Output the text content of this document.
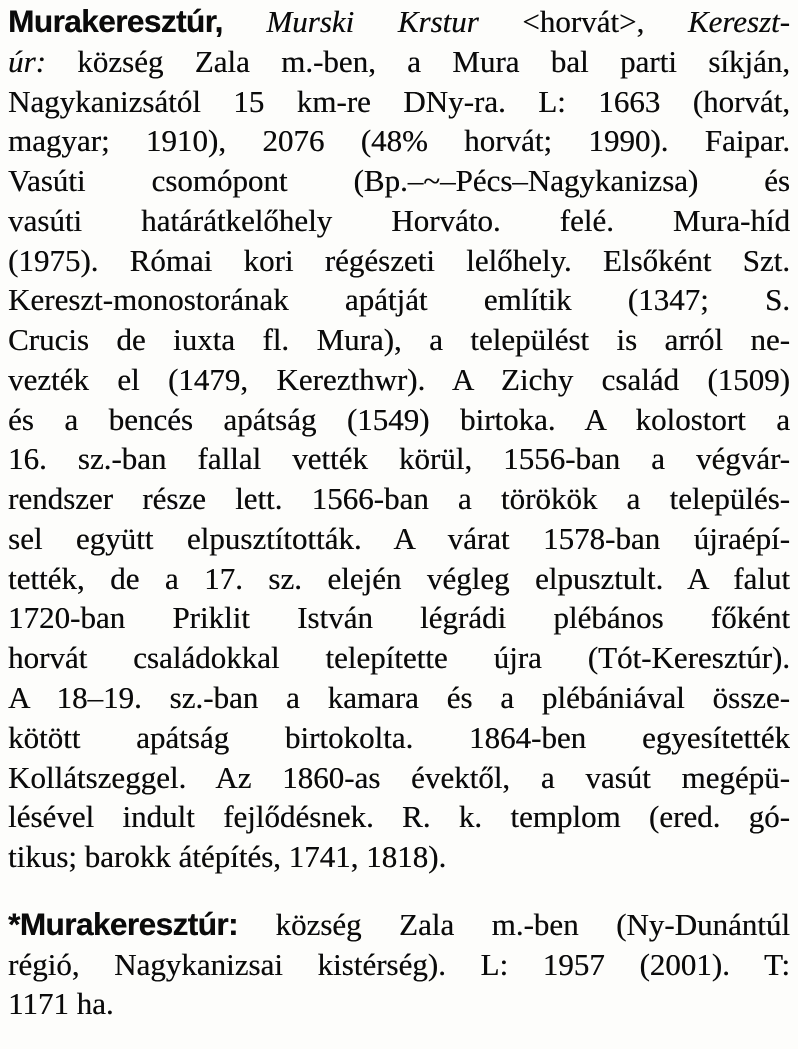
Murakeresztúr, Murski Krstur <horvát>, Kereszt-
úr: község Zala m.-ben, a Mura bal parti síkján,
Nagykanizsától 15 km-re DNy-ra. L: 1663 (horvát,
magyar; 1910), 2076 (48% horvát; 1990). Faipar.
Vasúti csomópont (Bp.–~–Pécs–Nagykanizsa) és
vasúti határátkelőhely Horváto. felé. Mura-híd
(1975). Római kori régészeti lelőhely. Elsőként Szt.
Kereszt-monostorának apátját említik (1347; S.
Crucis de iuxta fl. Mura), a települést is arról ne-
vezték el (1479, Kerezthwr). A Zichy család (1509)
és a bencés apátság (1549) birtoka. A kolostort a
16. sz.-ban fallal vették körül, 1556-ban a végvár-
rendszer része lett. 1566-ban a törökök a település-
sel együtt elpusztították. A várat 1578-ban újraépí-
tették, de a 17. sz. elején végleg elpusztult. A falut
1720-ban Priklit István légrádi plébános főként
horvát családokkal telepítette újra (Tót-Keresztúr).
A 18–19. sz.-ban a kamara és a plébániával össze-
kötött apátság birtokolta. 1864-ben egyesítették
Kollátszeggel. Az 1860-as évektől, a vasút megépü-
lésével indult fejlődésnek. R. k. templom (ered. gó-
tikus; barokk átépítés, 1741, 1818).
*Murakeresztúr: község Zala m.-ben (Ny-Dunántúl
régió, Nagykanizsai kistérség). L: 1957 (2001). T:
1171 ha.
